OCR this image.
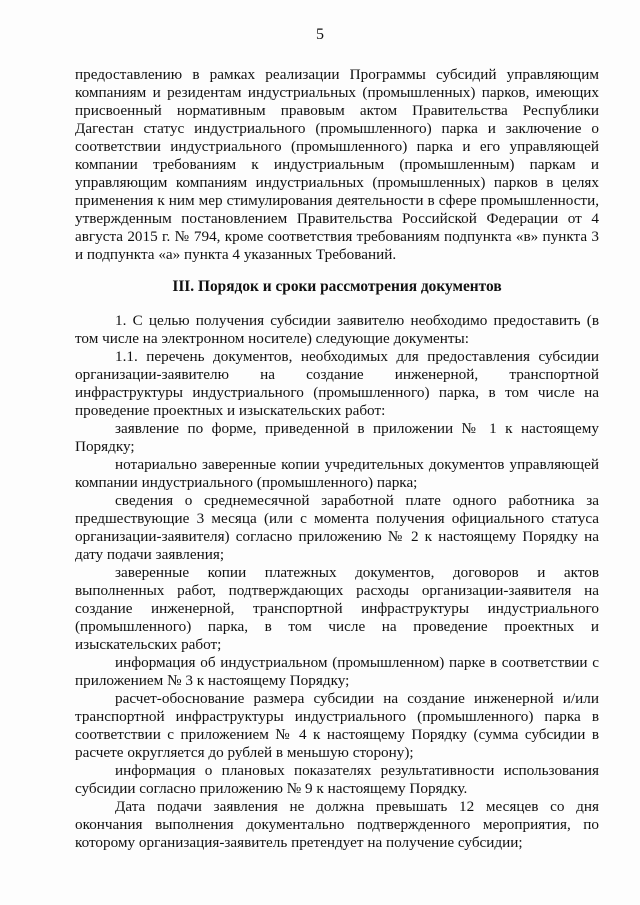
5

предоставлению в рамках реализации Программы субсидий управляющим компаниям и резидентам индустриальных (промышленных) парков, имеющих присвоенный нормативным правовым актом Правительства Республики Дагестан статус индустриального (промышленного) парка и заключение о соответствии индустриального (промышленного) парка и его управляющей компании требованиям к индустриальным (промышленным) паркам и управляющим компаниям индустриальных (промышленных) парков в целях применения к ним мер стимулирования деятельности в сфере промышленности, утвержденным постановлением Правительства Российской Федерации от 4 августа 2015 г. № 794, кроме соответствия требованиям подпункта «в» пункта 3 и подпункта «а» пункта 4 указанных Требований.

III. Порядок и сроки рассмотрения документов

1. С целью получения субсидии заявителю необходимо предоставить (в том числе на электронном носителе) следующие документы:

1.1. перечень документов, необходимых для предоставления субсидии организации-заявителю на создание инженерной, транспортной инфраструктуры индустриального (промышленного) парка, в том числе на проведение проектных и изыскательских работ:

заявление по форме, приведенной в приложении № 1 к настоящему Порядку;

нотариально заверенные копии учредительных документов управляющей компании индустриального (промышленного) парка;

сведения о среднемесячной заработной плате одного работника за предшествующие 3 месяца (или с момента получения официального статуса организации-заявителя) согласно приложению № 2 к настоящему Порядку на дату подачи заявления;

заверенные копии платежных документов, договоров и актов выполненных работ, подтверждающих расходы организации-заявителя на создание инженерной, транспортной инфраструктуры индустриального (промышленного) парка, в том числе на проведение проектных и изыскательских работ;

информация об индустриальном (промышленном) парке в соответствии с приложением № 3 к настоящему Порядку;

расчет-обоснование размера субсидии на создание инженерной и/или транспортной инфраструктуры индустриального (промышленного) парка в соответствии с приложением № 4 к настоящему Порядку (сумма субсидии в расчете округляется до рублей в меньшую сторону);

информация о плановых показателях результативности использования субсидии согласно приложению № 9 к настоящему Порядку.

Дата подачи заявления не должна превышать 12 месяцев со дня окончания выполнения документально подтвержденного мероприятия, по которому организация-заявитель претендует на получение субсидии;
